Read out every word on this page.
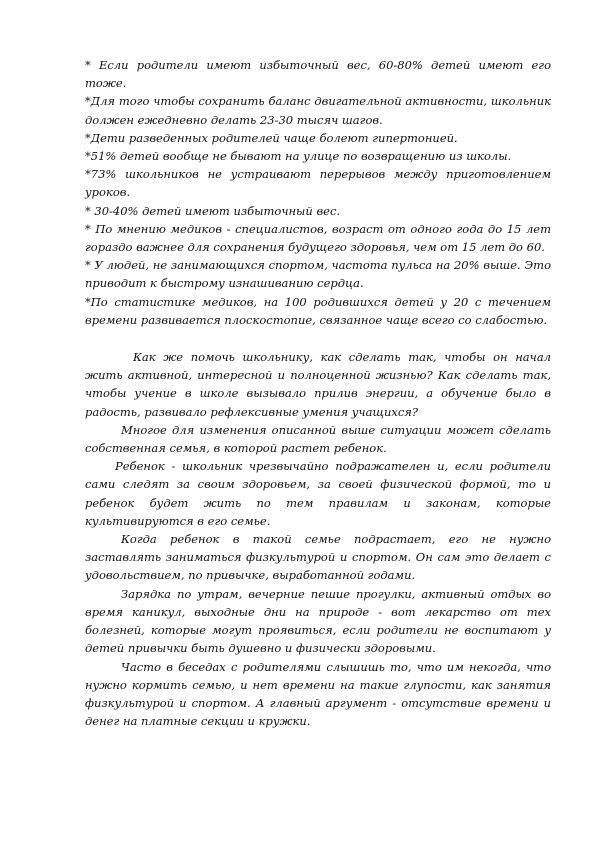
* Если родители имеют избыточный вес, 60-80% детей имеют его тоже.

*Для того чтобы сохранить баланс двигательной активности, школьник должен ежедневно делать 23-30 тысяч шагов.

*Дети разведенных родителей чаще болеют гипертонией.

*51% детей вообще не бывают на улице по возвращению из школы.

*73% школьников не устраивают перерывов между приготовлением уроков.

* 30-40% детей имеют избыточный вес.

* По мнению медиков - специалистов, возраст от одного года до 15 лет гораздо важнее для сохранения будущего здоровья, чем от 15 лет до 60.

* У людей, не занимающихся спортом, частота пульса на 20% выше. Это приводит к быстрому изнашиванию сердца.

*По статистике медиков, на 100 родившихся детей у 20 с течением времени развивается плоскостопие, связанное чаще всего со слабостью.

Как же помочь школьнику, как сделать так, чтобы он начал жить активной, интересной и полноценной жизнью? Как сделать так, чтобы учение в школе вызывало прилив энергии, а обучение было в радость, развивало рефлексивные умения учащихся?

Многое для изменения описанной выше ситуации может сделать собственная семья, в которой растет ребенок.

Ребенок - школьник чрезвычайно подражателен и, если родители сами следят за своим здоровьем, за своей физической формой, то и ребенок будет жить по тем правилам и законам, которые культивируются в его семье.

Когда ребенок в такой семье подрастает, его не нужно заставлять заниматься физкультурой и спортом. Он сам это делает с удовольствием, по привычке, выработанной годами.

Зарядка по утрам, вечерние пешие прогулки, активный отдых во время каникул, выходные дни на природе - вот лекарство от тех болезней, которые могут проявиться, если родители не воспитают у детей привычки быть душевно и физически здоровыми.

Часто в беседах с родителями слышишь то, что им некогда, что нужно кормить семью, и нет времени на такие глупости, как занятия физкультурой и спортом. А главный аргумент - отсутствие времени и денег на платные секции и кружки.
